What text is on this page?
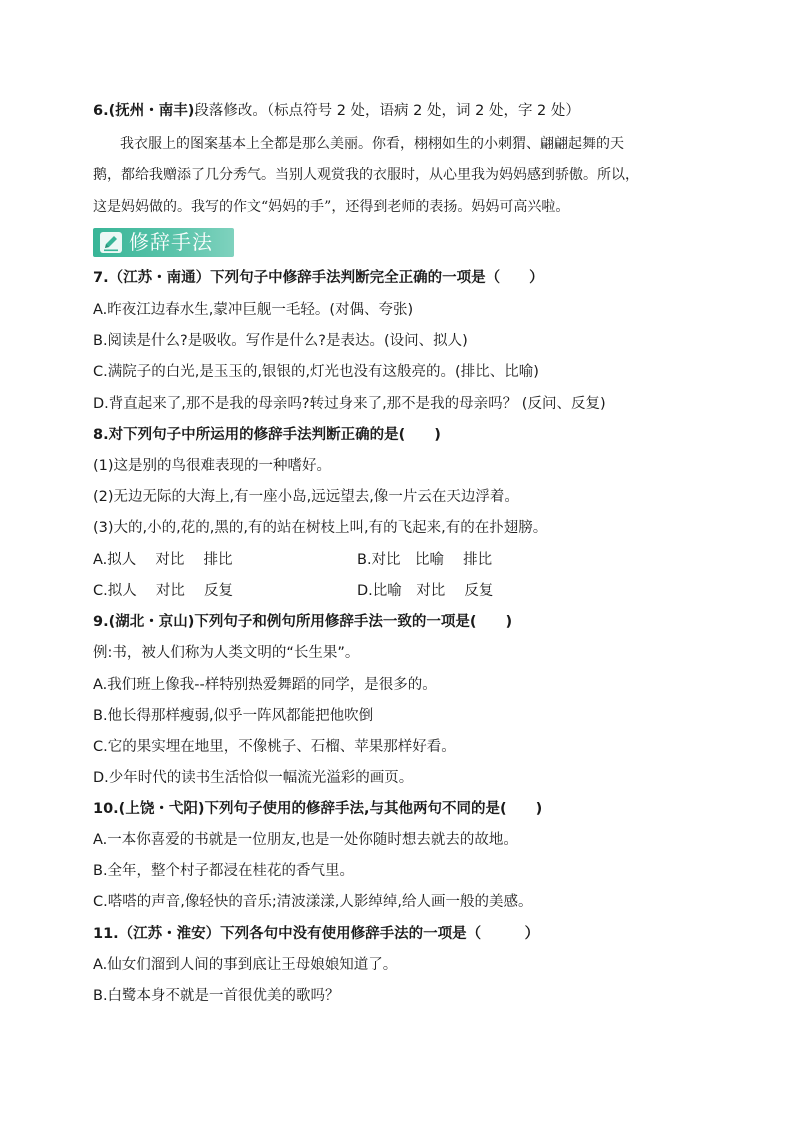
6.(抚州・南丰)段落修改。（标点符号 2 处，语病 2 处，词 2 处，字 2 处）
我衣服上的图案基本上全都是那么美丽。你看，栩栩如生的小刺猬、翩翩起舞的天
鹅，都给我赠添了几分秀气。当别人观赏我的衣服时，从心里我为妈妈感到骄傲。所以，
这是妈妈做的。我写的作文“妈妈的手”，还得到老师的表扬。妈妈可高兴啦。
修辞手法
7.（江苏・南通）下列句子中修辞手法判断完全正确的一项是（　　）
A.昨夜江边春水生,蒙冲巨舰一毛轻。(对偶、夸张)
B.阅读是什么?是吸收。写作是什么?是表达。(设问、拟人)
C.满院子的白光,是玉玉的,银银的,灯光也没有这般亮的。(排比、比喻)
D.背直起来了,那不是我的母亲吗?转过身来了,那不是我的母亲吗？ (反问、反复)
8.对下列句子中所运用的修辞手法判断正确的是(　　)
(1)这是别的鸟很难表现的一种嗜好。
(2)无边无际的大海上,有一座小岛,远远望去,像一片云在天边浮着。
(3)大的,小的,花的,黑的,有的站在树枝上叫,有的飞起来,有的在扑翅膀。
A.拟人　 对比　 排比	B.对比　比喻　 排比
C.拟人　 对比　 反复	D.比喻　对比　 反复
9.(湖北・京山)下列句子和例句所用修辞手法一致的一项是(　　)
例:书，被人们称为人类文明的“长生果”。
A.我们班上像我--样特别热爱舞蹈的同学，是很多的。
B.他长得那样瘦弱,似乎一阵风都能把他吹倒
C.它的果实埋在地里，不像桃子、石榴、苹果那样好看。
D.少年时代的读书生活恰似一幅流光溢彩的画页。
10.(上饶・弋阳)下列句子使用的修辞手法,与其他两句不同的是(　　)
A.一本你喜爱的书就是一位朋友,也是一处你随时想去就去的故地。
B.全年，整个村子都浸在桂花的香气里。
C.嗒嗒的声音,像轻快的音乐;清波漾漾,人影绰绰,给人画一般的美感。
11.（江苏・淮安）下列各句中没有使用修辞手法的一项是（　　　）
A.仙女们溜到人间的事到底让王母娘娘知道了。
B.白鹭本身不就是一首很优美的歌吗？
